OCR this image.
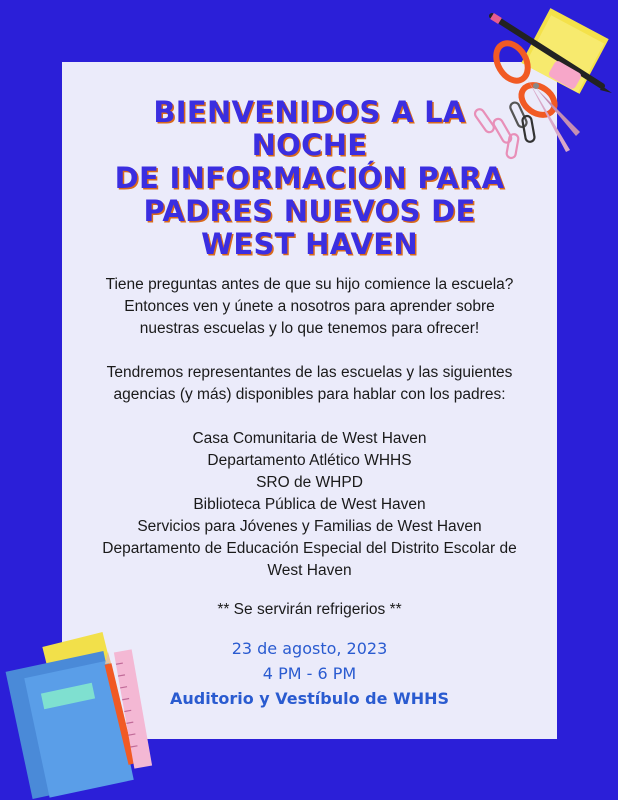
BIENVENIDOS A LA
NOCHE
DE INFORMACIÓN PARA
PADRES NUEVOS DE
WEST HAVEN
Tiene preguntas antes de que su hijo comience la escuela?
Entonces ven y únete a nosotros para aprender sobre
nuestras escuelas y lo que tenemos para ofrecer!
Tendremos representantes de las escuelas y las siguientes
agencias (y más) disponibles para hablar con los padres:
Casa Comunitaria de West Haven
Departamento Atlético WHHS
SRO de WHPD
Biblioteca Pública de West Haven
Servicios para Jóvenes y Familias de West Haven
Departamento de Educación Especial del Distrito Escolar de
West Haven
** Se servirán refrigerios **
23 de agosto, 2023
4 PM - 6 PM
Auditorio y Vestíbulo de WHHS
